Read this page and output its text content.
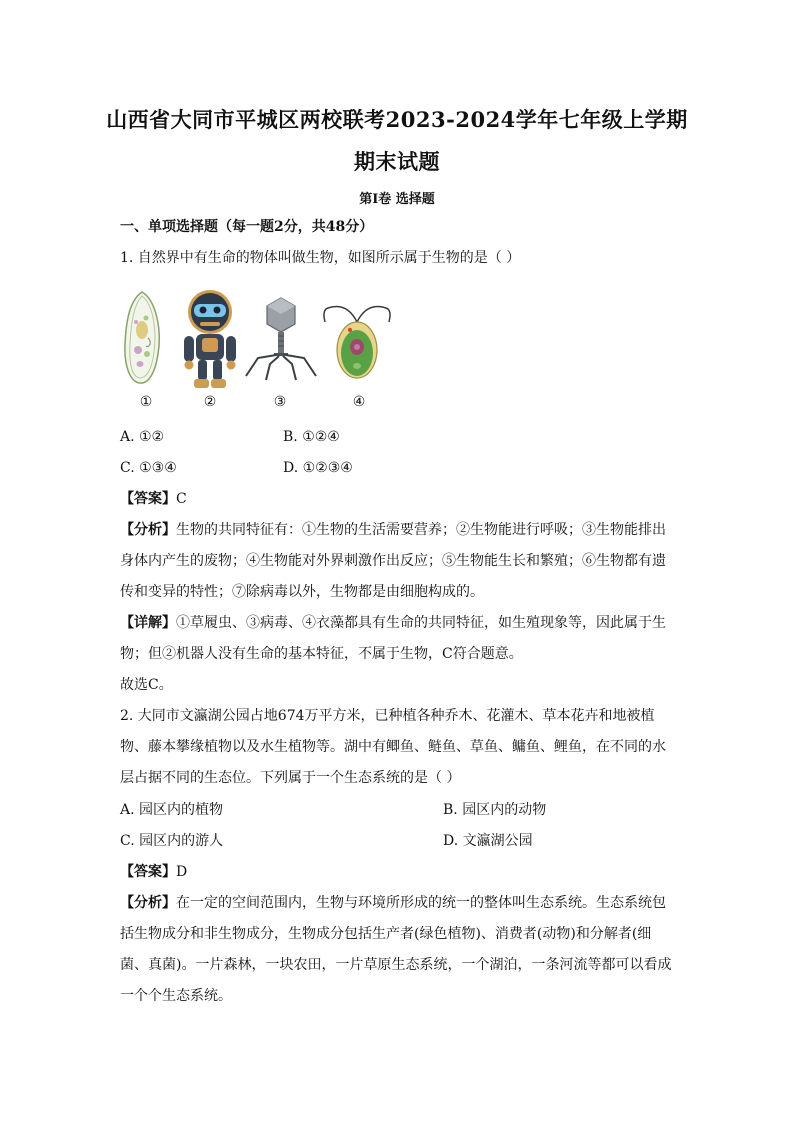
山西省大同市平城区两校联考2023-2024学年七年级上学期
期末试题
第Ⅰ卷 选择题
一、单项选择题（每一题2分，共48分）
1. 自然界中有生命的物体叫做生物，如图所示属于生物的是（ ）
①	②	③	④
A. ①②	B. ①②④
C. ①③④	D. ①②③④
【答案】C
【分析】生物的共同特征有：①生物的生活需要营养；②生物能进行呼吸；③生物能排出
身体内产生的废物；④生物能对外界刺激作出反应；⑤生物能生长和繁殖；⑥生物都有遗
传和变异的特性；⑦除病毒以外，生物都是由细胞构成的。
【详解】①草履虫、③病毒、④衣藻都具有生命的共同特征，如生殖现象等，因此属于生
物；但②机器人没有生命的基本特征，不属于生物，C符合题意。
故选C。
2. 大同市文瀛湖公园占地674万平方米，已种植各种乔木、花灌木、草本花卉和地被植
物、藤本攀缘植物以及水生植物等。湖中有鲫鱼、鲢鱼、草鱼、鳙鱼、鲤鱼，在不同的水
层占据不同的生态位。下列属于一个生态系统的是（ ）
A. 园区内的植物	B. 园区内的动物
C. 园区内的游人	D. 文瀛湖公园
【答案】D
【分析】在一定的空间范围内，生物与环境所形成的统一的整体叫生态系统。生态系统包
括生物成分和非生物成分，生物成分包括生产者(绿色植物)、消费者(动物)和分解者(细
菌、真菌)。一片森林，一块农田，一片草原生态系统，一个湖泊，一条河流等都可以看成
一个个生态系统。
